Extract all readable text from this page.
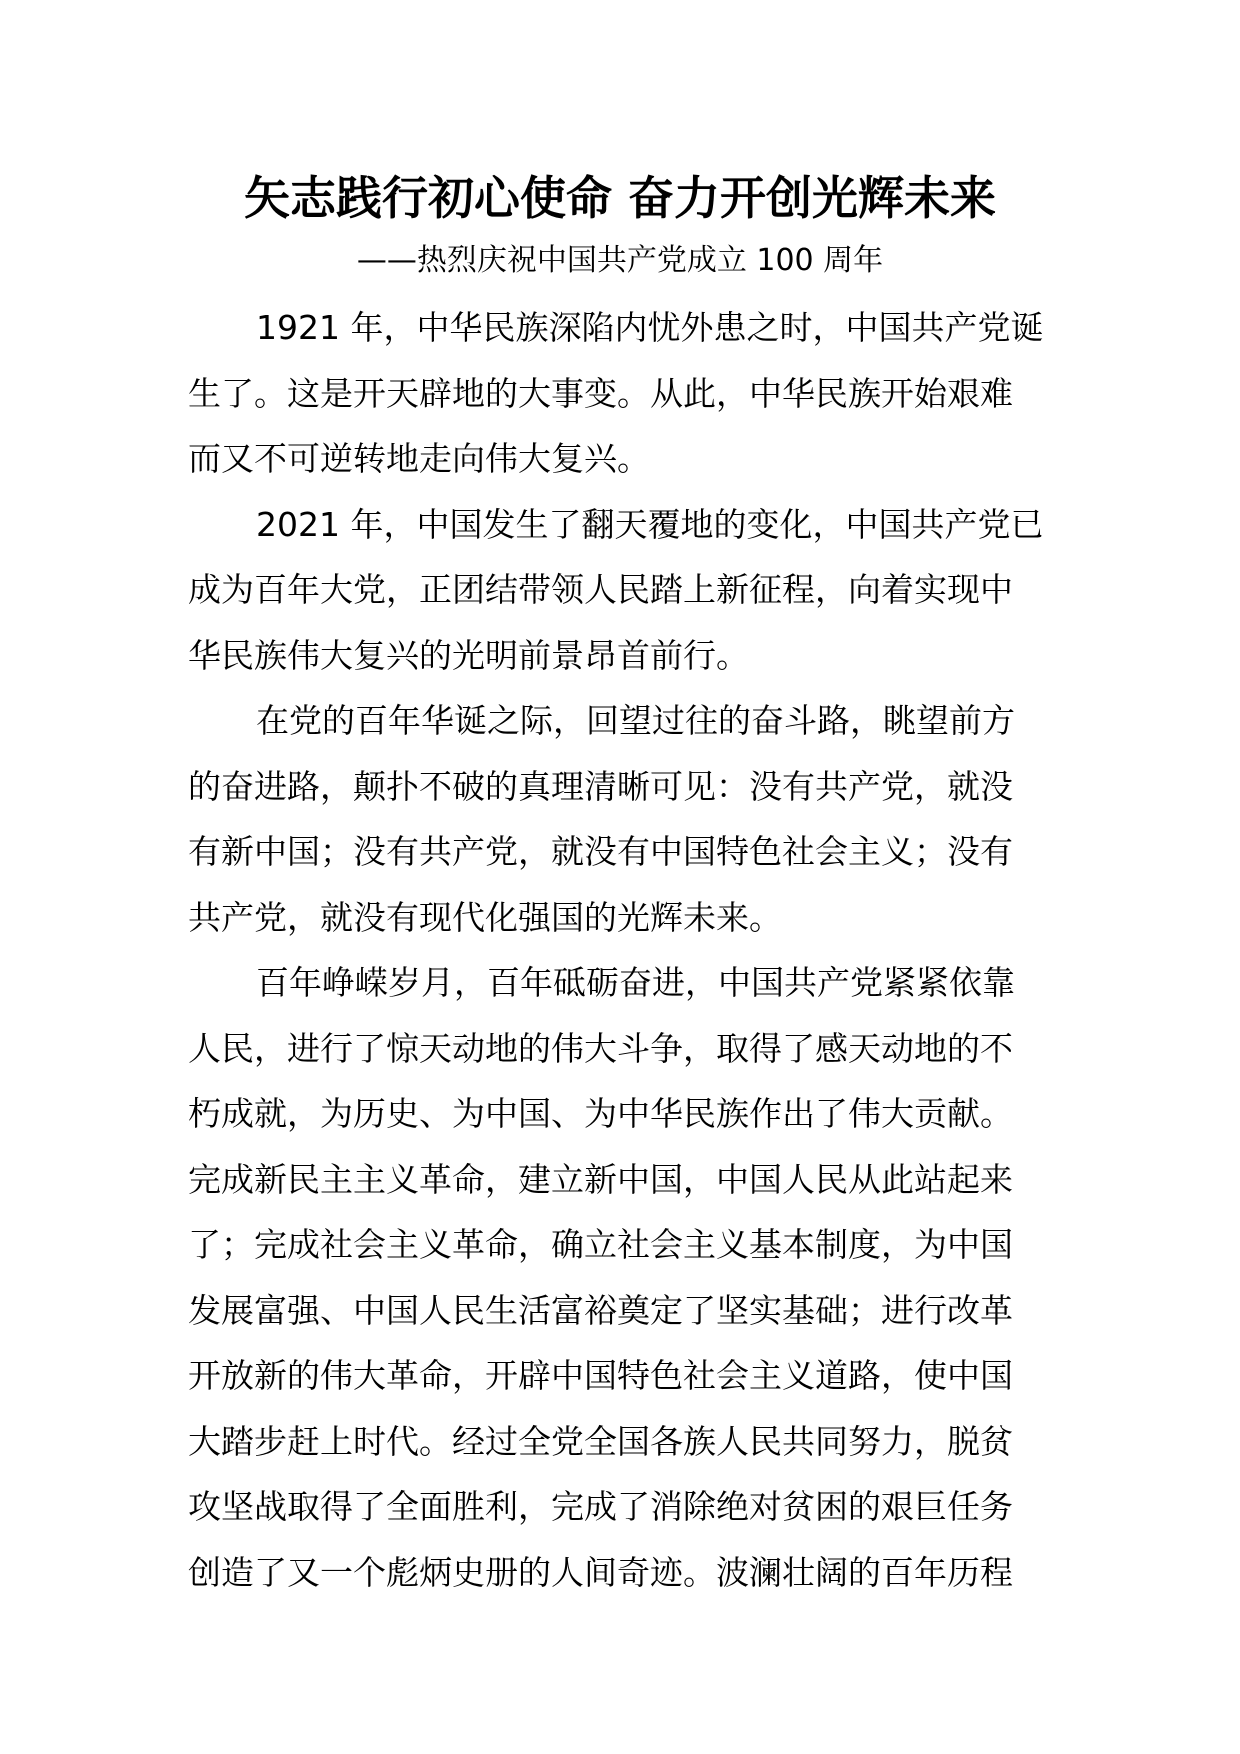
矢志践行初心使命 奋力开创光辉未来
——热烈庆祝中国共产党成立 100 周年
1921 年，中华民族深陷内忧外患之时，中国共产党诞
生了。这是开天辟地的大事变。从此，中华民族开始艰难
而又不可逆转地走向伟大复兴。
2021 年，中国发生了翻天覆地的变化，中国共产党已
成为百年大党，正团结带领人民踏上新征程，向着实现中
华民族伟大复兴的光明前景昂首前行。
在党的百年华诞之际，回望过往的奋斗路，眺望前方
的奋进路，颠扑不破的真理清晰可见：没有共产党，就没
有新中国；没有共产党，就没有中国特色社会主义；没有
共产党，就没有现代化强国的光辉未来。
百年峥嵘岁月，百年砥砺奋进，中国共产党紧紧依靠
人民，进行了惊天动地的伟大斗争，取得了感天动地的不
朽成就，为历史、为中国、为中华民族作出了伟大贡献。
完成新民主主义革命，建立新中国，中国人民从此站起来
了；完成社会主义革命，确立社会主义基本制度，为中国
发展富强、中国人民生活富裕奠定了坚实基础；进行改革
开放新的伟大革命，开辟中国特色社会主义道路，使中国
大踏步赶上时代。经过全党全国各族人民共同努力，脱贫
攻坚战取得了全面胜利，完成了消除绝对贫困的艰巨任务
创造了又一个彪炳史册的人间奇迹。波澜壮阔的百年历程
